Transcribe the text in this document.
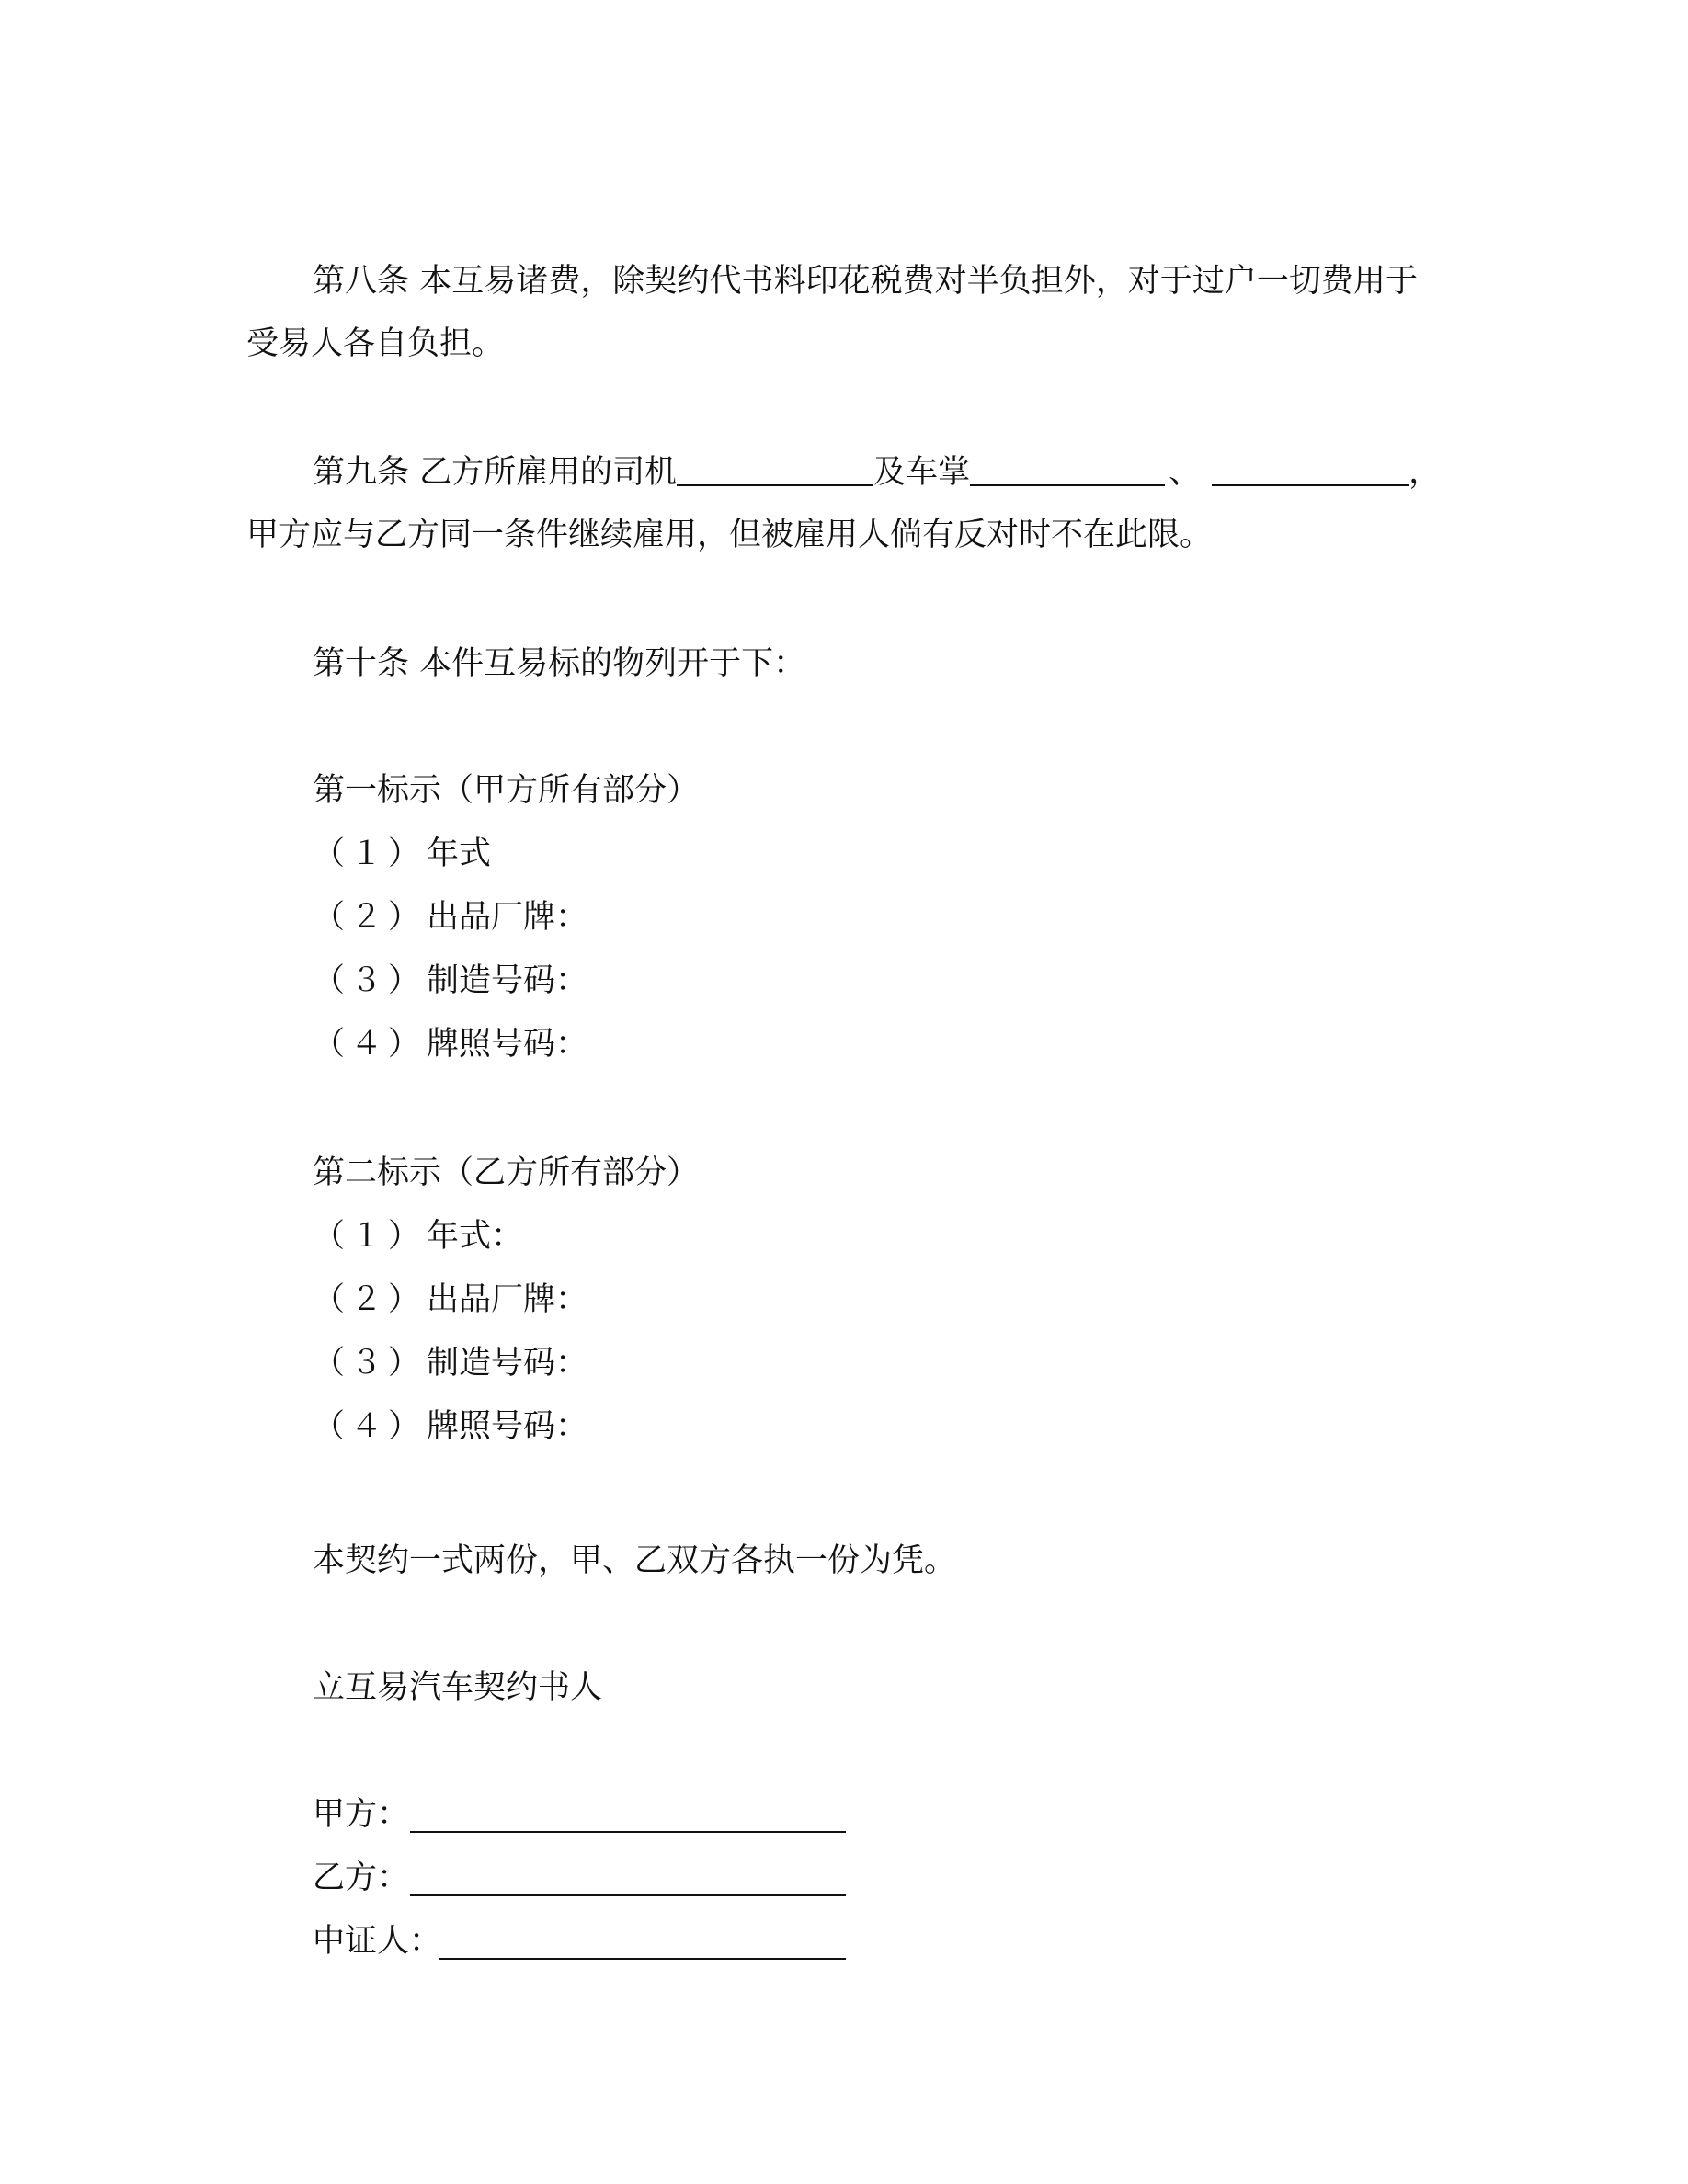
第八条 本互易诸费，除契约代书料印花税费对半负担外，对于过户一切费用于
受易人各自负担。
第九条 乙方所雇用的司机	及车掌	、	，
甲方应与乙方同一条件继续雇用，但被雇用人倘有反对时不在此限。
第十条 本件互易标的物列开于下：
第一标示（甲方所有部分）
（１）年式
（２）出品厂牌：
（３）制造号码：
（４）牌照号码：
第二标示（乙方所有部分）
（１）年式：
（２）出品厂牌：
（３）制造号码：
（４）牌照号码：
本契约一式两份，甲、乙双方各执一份为凭。
立互易汽车契约书人
甲方：
乙方：
中证人：
